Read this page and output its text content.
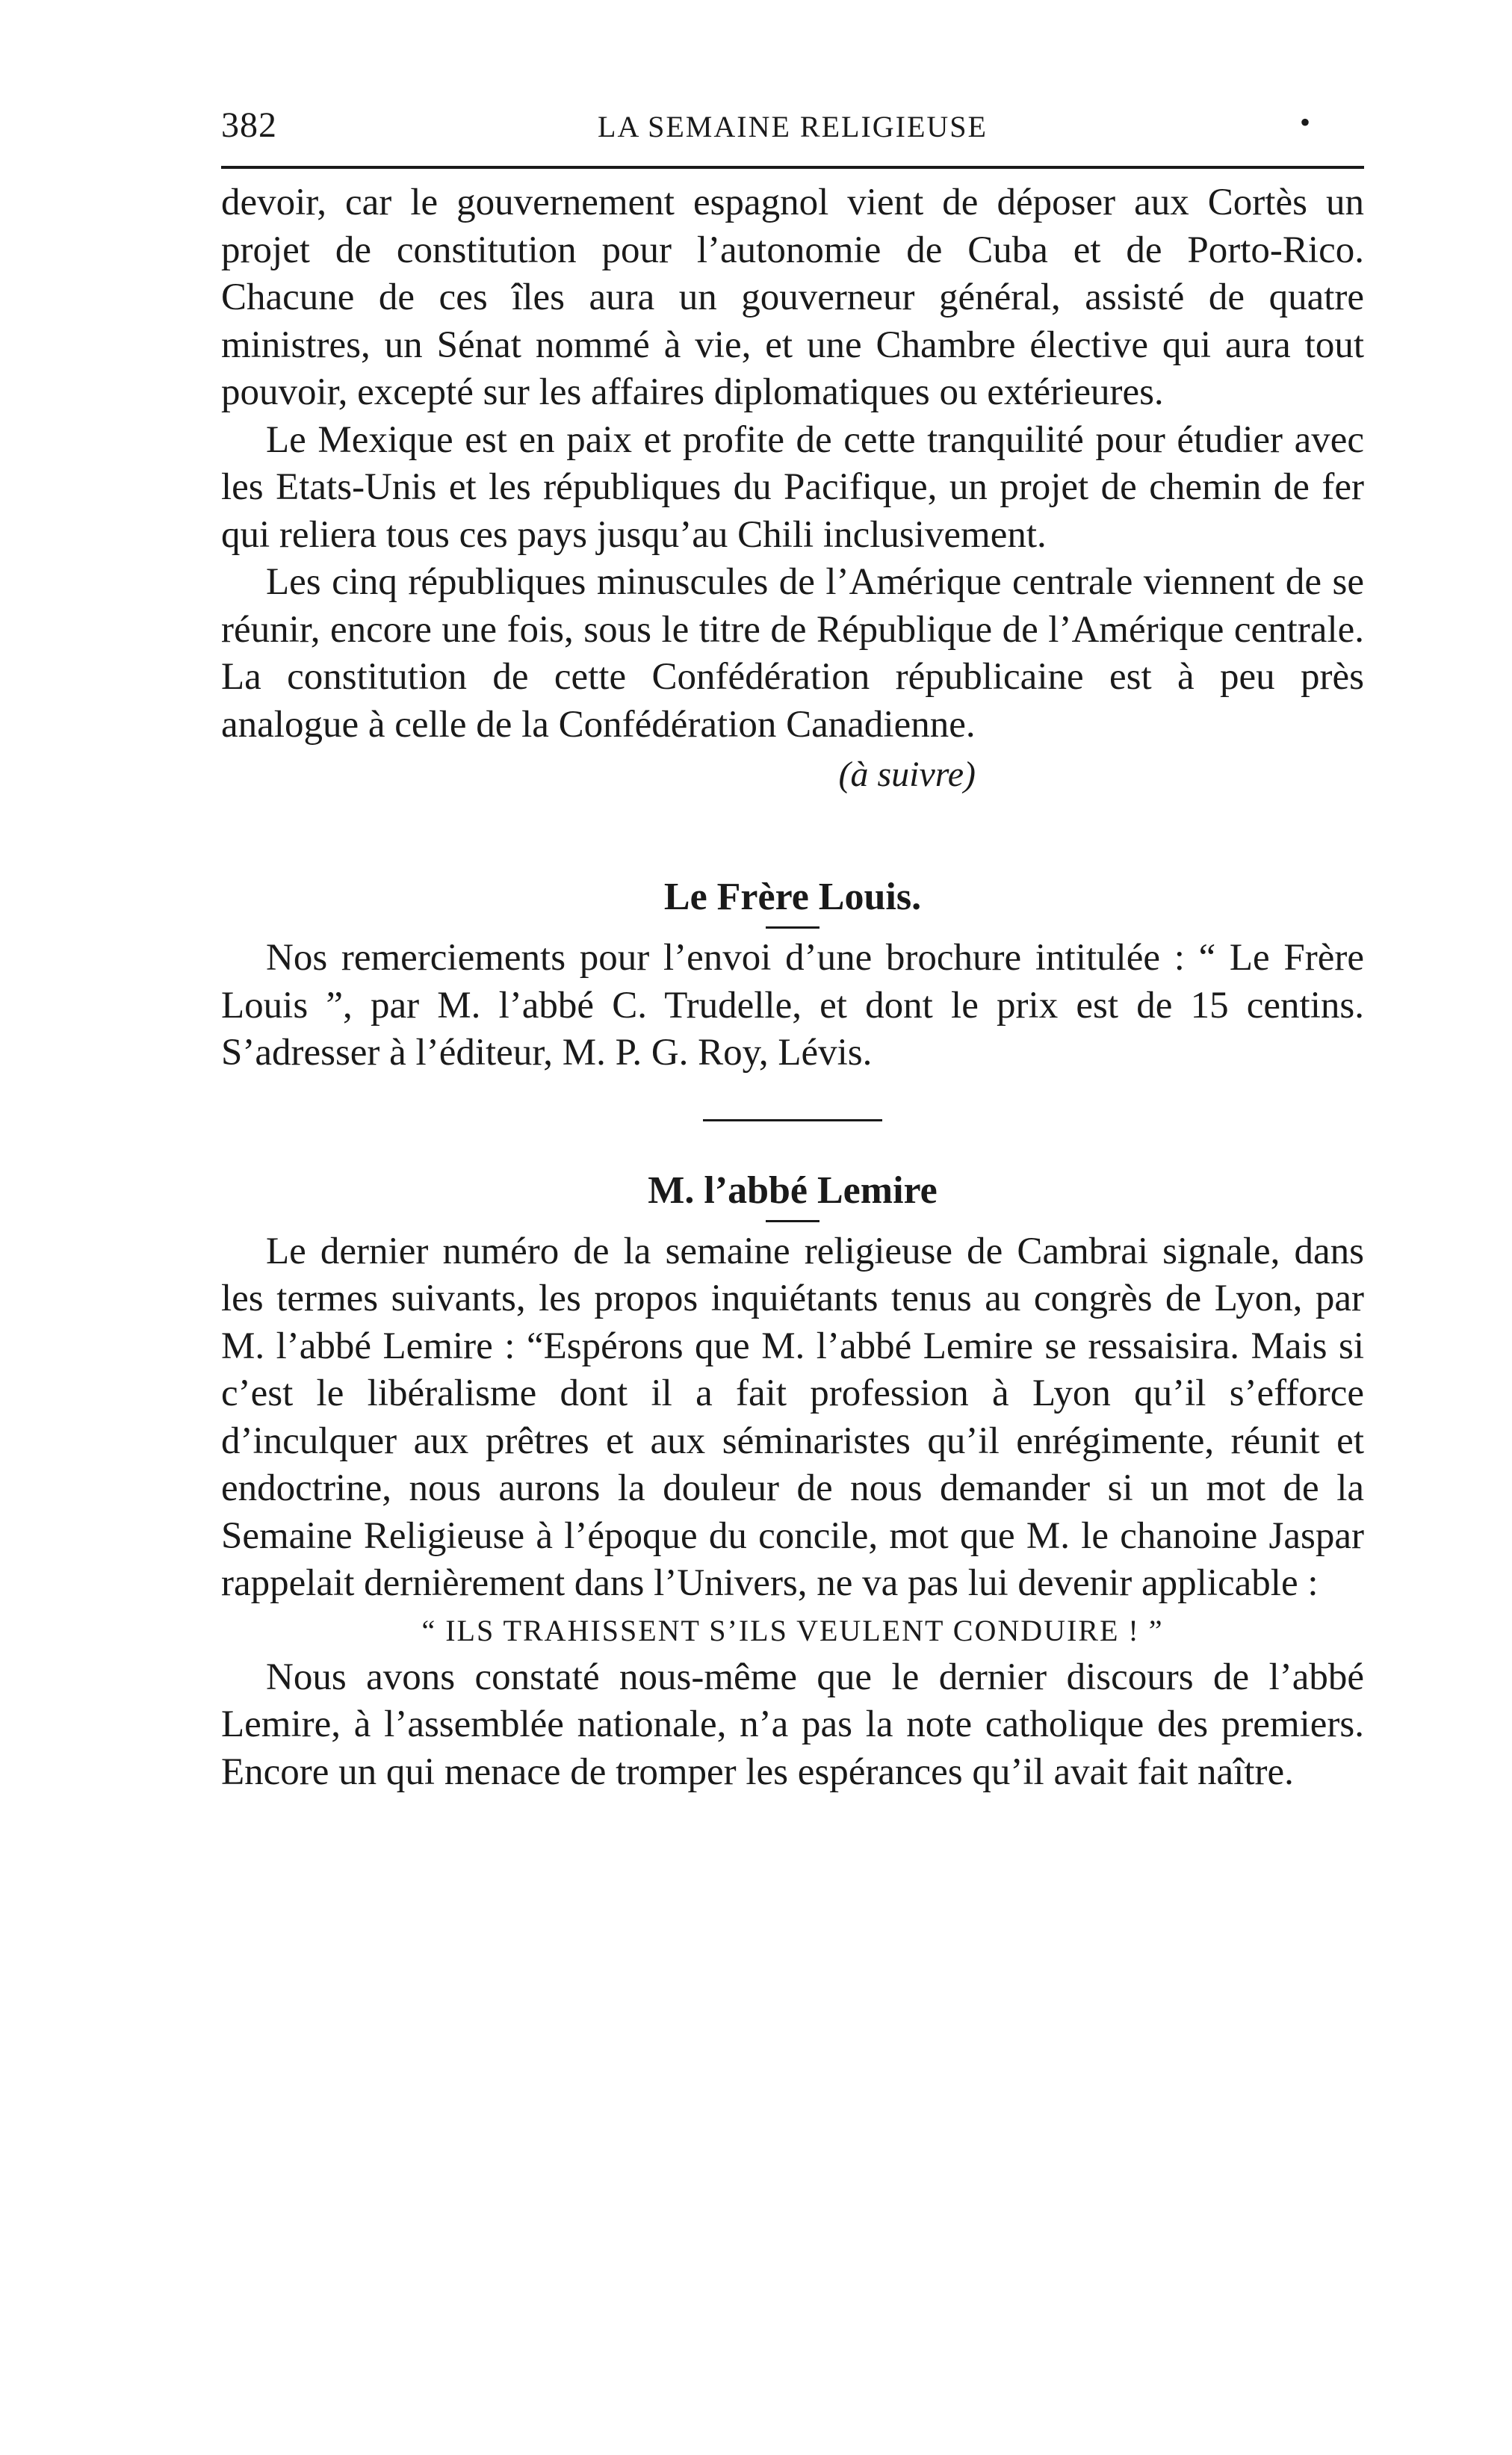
382	LA SEMAINE RELIGIEUSE	•

devoir, car le gouvernement espagnol vient de déposer aux Cortès un projet de constitution pour l’autonomie de Cuba et de Porto-Rico. Chacune de ces îles aura un gouverneur général, assisté de quatre ministres, un Sénat nommé à vie, et une Chambre élective qui aura tout pouvoir, excepté sur les affaires diplomatiques ou extérieures.

Le Mexique est en paix et profite de cette tranquilité pour étudier avec les Etats-Unis et les républiques du Pacifique, un projet de chemin de fer qui reliera tous ces pays jusqu’au Chili inclusivement.

Les cinq républiques minuscules de l’Amérique centrale viennent de se réunir, encore une fois, sous le titre de République de l’Amérique centrale. La constitution de cette Confédération républicaine est à peu près analogue à celle de la Confédération Canadienne.

(à suivre)

Le Frère Louis.

Nos remerciements pour l’envoi d’une brochure intitulée : “ Le Frère Louis ”, par M. l’abbé C. Trudelle, et dont le prix est de 15 centins. S’adresser à l’éditeur, M. P. G. Roy, Lévis.

M. l’abbé Lemire

Le dernier numéro de la semaine religieuse de Cambrai signale, dans les termes suivants, les propos inquiétants tenus au congrès de Lyon, par M. l’abbé Lemire : “Espérons que M. l’abbé Lemire se ressaisira. Mais si c’est le libéralisme dont il a fait profession à Lyon qu’il s’efforce d’inculquer aux prêtres et aux séminaristes qu’il enrégimente, réunit et endoctrine, nous aurons la douleur de nous demander si un mot de la Semaine Religieuse à l’époque du concile, mot que M. le chanoine Jaspar rappelait dernièrement dans l’Univers, ne va pas lui devenir applicable :

“ ILS TRAHISSENT S’ILS VEULENT CONDUIRE ! ”

Nous avons constaté nous-même que le dernier discours de l’abbé Lemire, à l’assemblée nationale, n’a pas la note catholique des premiers. Encore un qui menace de tromper les espérances qu’il avait fait naître.
